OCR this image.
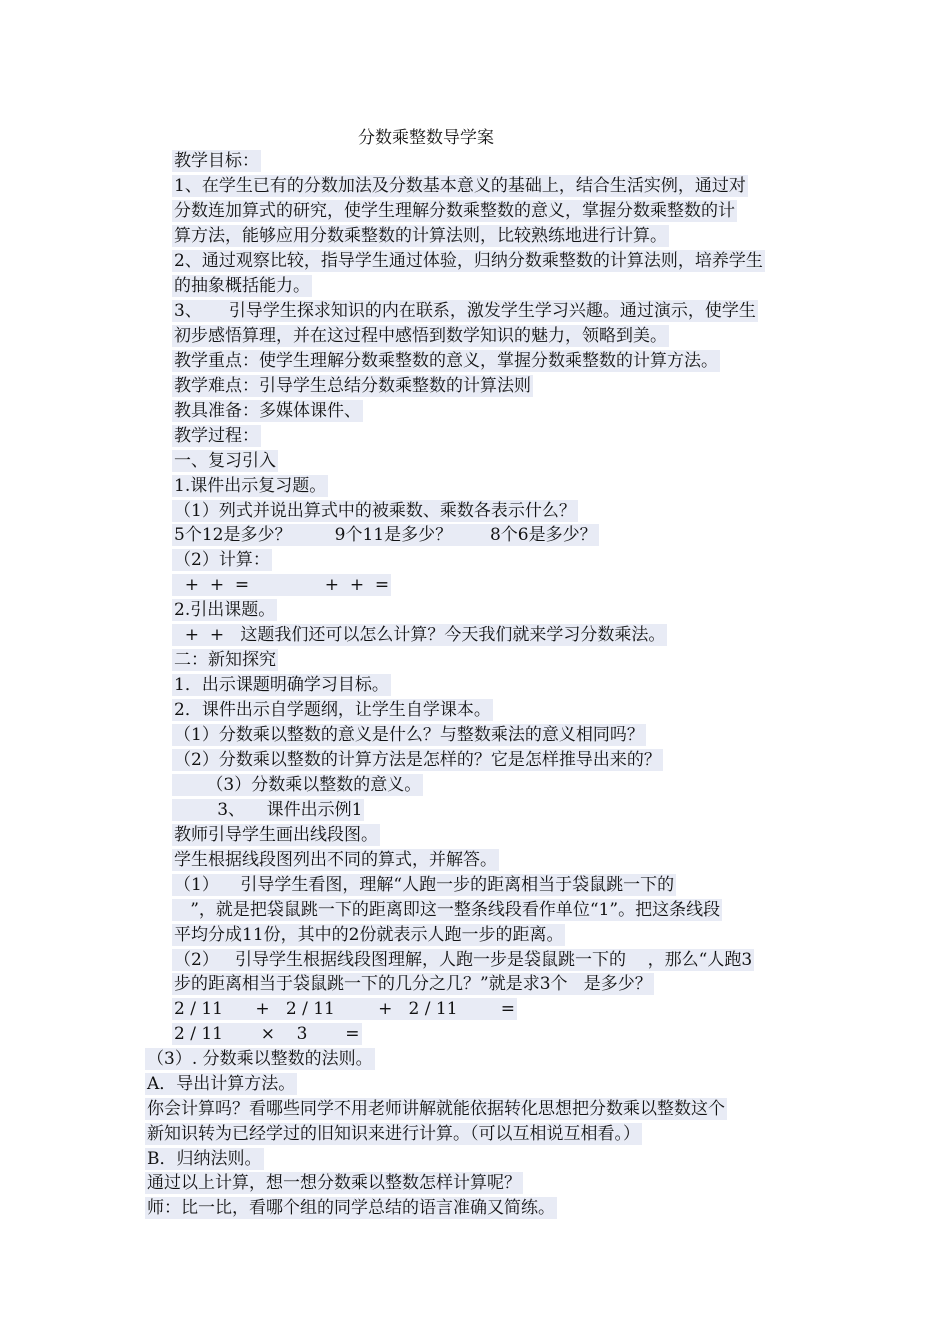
分数乘整数导学案
教学目标：
1、在学生已有的分数加法及分数基本意义的基础上，结合生活实例，通过对
分数连加算式的研究，使学生理解分数乘整数的意义，掌握分数乘整数的计
算方法，能够应用分数乘整数的计算法则，比较熟练地进行计算。
2、通过观察比较，指导学生通过体验，归纳分数乘整数的计算法则，培养学生
的抽象概括能力。
3、     引导学生探求知识的内在联系，激发学生学习兴趣。通过演示，使学生
初步感悟算理，并在这过程中感悟到数学知识的魅力，领略到美。
教学重点：使学生理解分数乘整数的意义，掌握分数乘整数的计算方法。
教学难点：引导学生总结分数乘整数的计算法则
教具准备：多媒体课件、
教学过程：
一、复习引入
1.课件出示复习题。
（1）列式并说出算式中的被乘数、乘数各表示什么？
5个12是多少？        9个11是多少？       8个6是多少？
（2）计算：
+  +  =              +  +  =
2.引出课题。
+  +   这题我们还可以怎么计算？今天我们就来学习分数乘法。
二：新知探究
1．出示课题明确学习目标。
2．课件出示自学题纲，让学生自学课本。
（1）分数乘以整数的意义是什么？与整数乘法的意义相同吗？
（2）分数乘以整数的计算方法是怎样的？它是怎样推导出来的？
（3）分数乘以整数的意义。
3、    课件出示例1
教师引导学生画出线段图。
学生根据线段图列出不同的算式，并解答。
（1）    引导学生看图，理解“人跑一步的距离相当于袋鼠跳一下的
”，就是把袋鼠跳一下的距离即这一整条线段看作单位“1”。把这条线段
平均分成11份，其中的2份就表示人跑一步的距离。
（2）   引导学生根据线段图理解，人跑一步是袋鼠跳一下的    ，那么“人跑3
步的距离相当于袋鼠跳一下的几分之几？”就是求3个   是多少？
2 / 11      +   2 / 11        +   2 / 11        =
2 / 11       ×    3       =
（3）. 分数乘以整数的法则。
A．导出计算方法。
你会计算吗？看哪些同学不用老师讲解就能依据转化思想把分数乘以整数这个
新知识转为已经学过的旧知识来进行计算。（可以互相说互相看。）
B．归纳法则。
通过以上计算，想一想分数乘以整数怎样计算呢？
师：比一比，看哪个组的同学总结的语言准确又简练。
